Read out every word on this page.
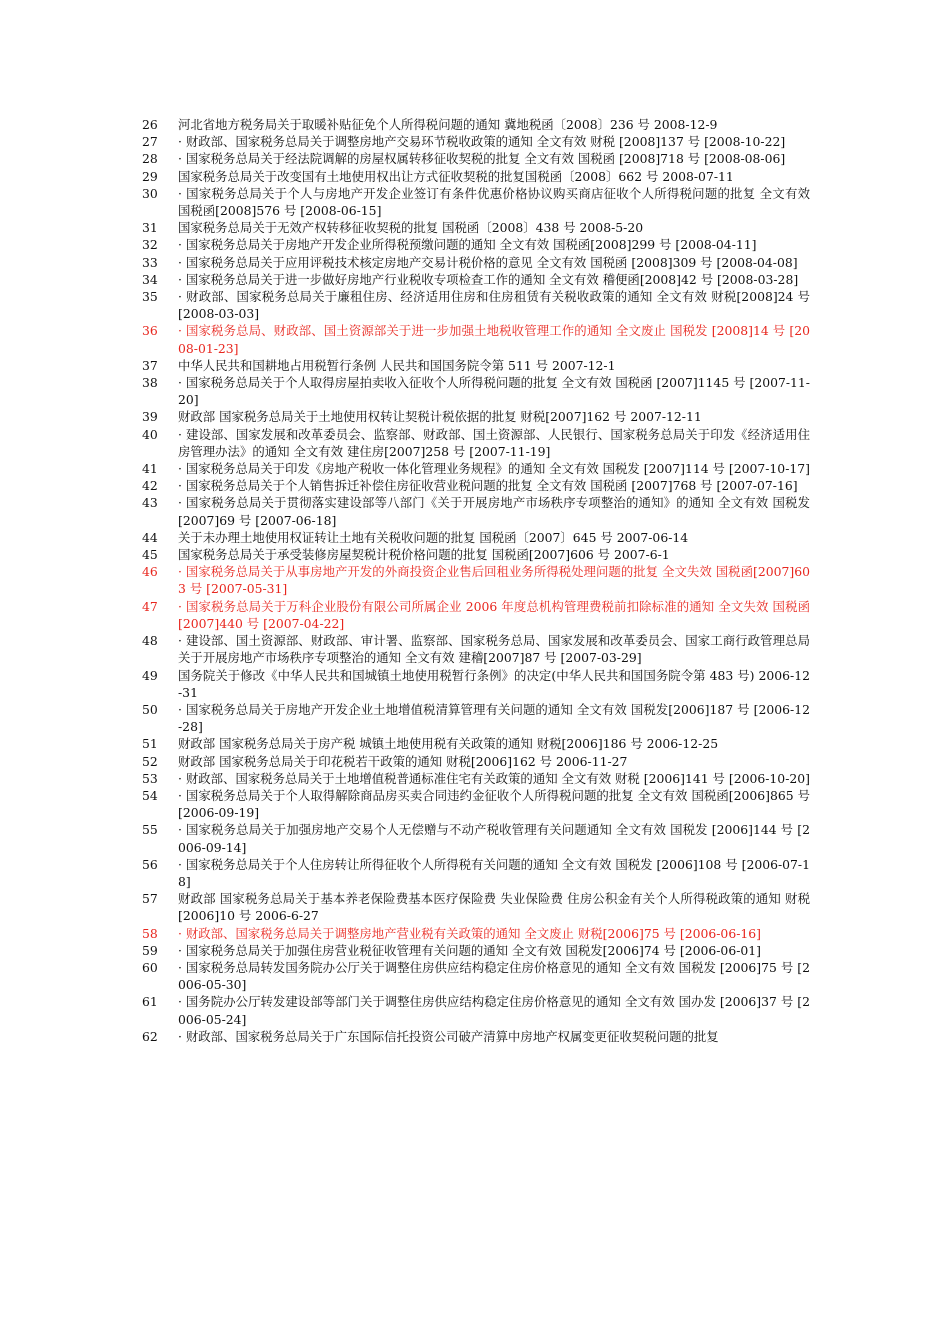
26	河北省地方税务局关于取暖补贴征免个人所得税问题的通知 冀地税函〔2008〕236 号 2008-12-9
27	· 财政部、国家税务总局关于调整房地产交易环节税收政策的通知 全文有效 财税 [2008]137 号 [2008-10-22]
28	· 国家税务总局关于经法院调解的房屋权属转移征收契税的批复 全文有效 国税函 [2008]718 号 [2008-08-06]
29	国家税务总局关于改变国有土地使用权出让方式征收契税的批复国税函〔2008〕662 号 2008-07-11
30	· 国家税务总局关于个人与房地产开发企业签订有条件优惠价格协议购买商店征收个人所得税问题的批复 全文有效 国税函[2008]576 号 [2008-06-15]
31	国家税务总局关于无效产权转移征收契税的批复 国税函〔2008〕438 号 2008-5-20
32	· 国家税务总局关于房地产开发企业所得税预缴问题的通知 全文有效 国税函[2008]299 号 [2008-04-11]
33	· 国家税务总局关于应用评税技术核定房地产交易计税价格的意见 全文有效 国税函 [2008]309 号 [2008-04-08]
34	· 国家税务总局关于进一步做好房地产行业税收专项检查工作的通知 全文有效 稽便函[2008]42 号 [2008-03-28]
35	· 财政部、国家税务总局关于廉租住房、经济适用住房和住房租赁有关税收政策的通知 全文有效 财税[2008]24 号 [2008-03-03]
36	· 国家税务总局、财政部、国土资源部关于进一步加强土地税收管理工作的通知 全文废止 国税发 [2008]14 号 [2008-01-23]
37	中华人民共和国耕地占用税暂行条例 人民共和国国务院令第 511 号 2007-12-1
38	· 国家税务总局关于个人取得房屋拍卖收入征收个人所得税问题的批复 全文有效 国税函 [2007]1145 号 [2007-11-20]
39	财政部 国家税务总局关于土地使用权转让契税计税依据的批复 财税[2007]162 号 2007-12-11
40	· 建设部、国家发展和改革委员会、监察部、财政部、国土资源部、人民银行、国家税务总局关于印发《经济适用住房管理办法》的通知 全文有效 建住房[2007]258 号 [2007-11-19]
41	· 国家税务总局关于印发《房地产税收一体化管理业务规程》的通知 全文有效 国税发 [2007]114 号 [2007-10-17]
42	· 国家税务总局关于个人销售拆迁补偿住房征收营业税问题的批复 全文有效 国税函 [2007]768 号 [2007-07-16]
43	· 国家税务总局关于贯彻落实建设部等八部门《关于开展房地产市场秩序专项整治的通知》的通知 全文有效 国税发[2007]69 号 [2007-06-18]
44	关于未办理土地使用权证转让土地有关税收问题的批复 国税函〔2007〕645 号 2007-06-14
45	国家税务总局关于承受装修房屋契税计税价格问题的批复 国税函[2007]606 号 2007-6-1
46	· 国家税务总局关于从事房地产开发的外商投资企业售后回租业务所得税处理问题的批复 全文失效 国税函[2007]603 号 [2007-05-31]
47	· 国家税务总局关于万科企业股份有限公司所属企业 2006 年度总机构管理费税前扣除标准的通知 全文失效 国税函[2007]440 号 [2007-04-22]
48	· 建设部、国土资源部、财政部、审计署、监察部、国家税务总局、国家发展和改革委员会、国家工商行政管理总局关于开展房地产市场秩序专项整治的通知 全文有效 建稽[2007]87 号 [2007-03-29]
49	国务院关于修改《中华人民共和国城镇土地使用税暂行条例》的决定(中华人民共和国国务院令第 483 号) 2006-12-31
50	· 国家税务总局关于房地产开发企业土地增值税清算管理有关问题的通知 全文有效 国税发[2006]187 号 [2006-12-28]
51	财政部 国家税务总局关于房产税 城镇土地使用税有关政策的通知 财税[2006]186 号 2006-12-25
52	财政部 国家税务总局关于印花税若干政策的通知 财税[2006]162 号 2006-11-27
53	· 财政部、国家税务总局关于土地增值税普通标准住宅有关政策的通知 全文有效 财税 [2006]141 号 [2006-10-20]
54	· 国家税务总局关于个人取得解除商品房买卖合同违约金征收个人所得税问题的批复 全文有效 国税函[2006]865 号 [2006-09-19]
55	· 国家税务总局关于加强房地产交易个人无偿赠与不动产税收管理有关问题通知 全文有效 国税发 [2006]144 号 [2006-09-14]
56	· 国家税务总局关于个人住房转让所得征收个人所得税有关问题的通知 全文有效 国税发 [2006]108 号 [2006-07-18]
57	财政部 国家税务总局关于基本养老保险费基本医疗保险费 失业保险费 住房公积金有关个人所得税政策的通知 财税[2006]10 号 2006-6-27
58	· 财政部、国家税务总局关于调整房地产营业税有关政策的通知 全文废止 财税[2006]75 号 [2006-06-16]
59	· 国家税务总局关于加强住房营业税征收管理有关问题的通知 全文有效 国税发[2006]74 号 [2006-06-01]
60	· 国家税务总局转发国务院办公厅关于调整住房供应结构稳定住房价格意见的通知 全文有效 国税发 [2006]75 号 [2006-05-30]
61	· 国务院办公厅转发建设部等部门关于调整住房供应结构稳定住房价格意见的通知 全文有效 国办发 [2006]37 号 [2006-05-24]
62	· 财政部、国家税务总局关于广东国际信托投资公司破产清算中房地产权属变更征收契税问题的批复
